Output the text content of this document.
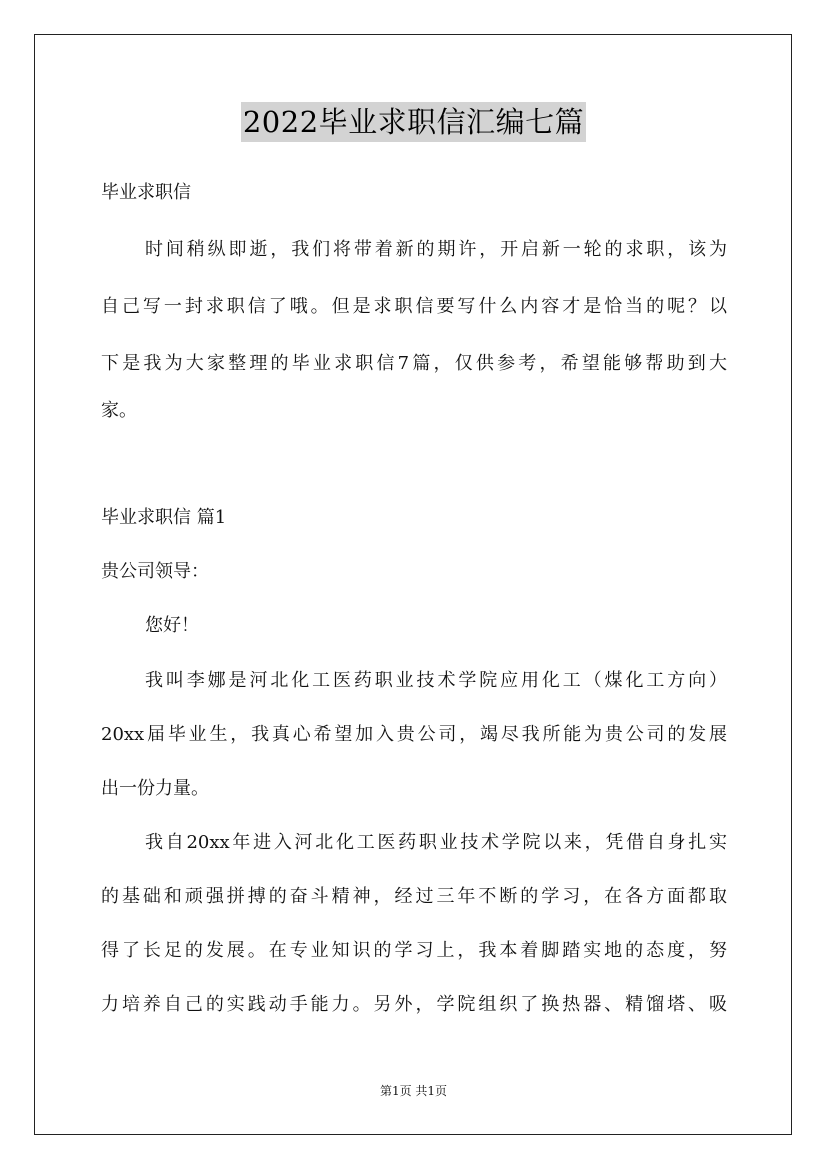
2022毕业求职信汇编七篇
毕业求职信
时间稍纵即逝，我们将带着新的期许，开启新一轮的求职，该为
自己写一封求职信了哦。但是求职信要写什么内容才是恰当的呢？以
下是我为大家整理的毕业求职信7篇，仅供参考，希望能够帮助到大
家。
毕业求职信 篇1
贵公司领导：
您好！
我叫李娜是河北化工医药职业技术学院应用化工（煤化工方向）
20xx届毕业生，我真心希望加入贵公司，竭尽我所能为贵公司的发展
出一份力量。
我自20xx年进入河北化工医药职业技术学院以来，凭借自身扎实
的基础和顽强拼搏的奋斗精神，经过三年不断的学习，在各方面都取
得了长足的发展。在专业知识的学习上，我本着脚踏实地的态度，努
力培养自己的实践动手能力。另外，学院组织了换热器、精馏塔、吸
第1页 共1页
